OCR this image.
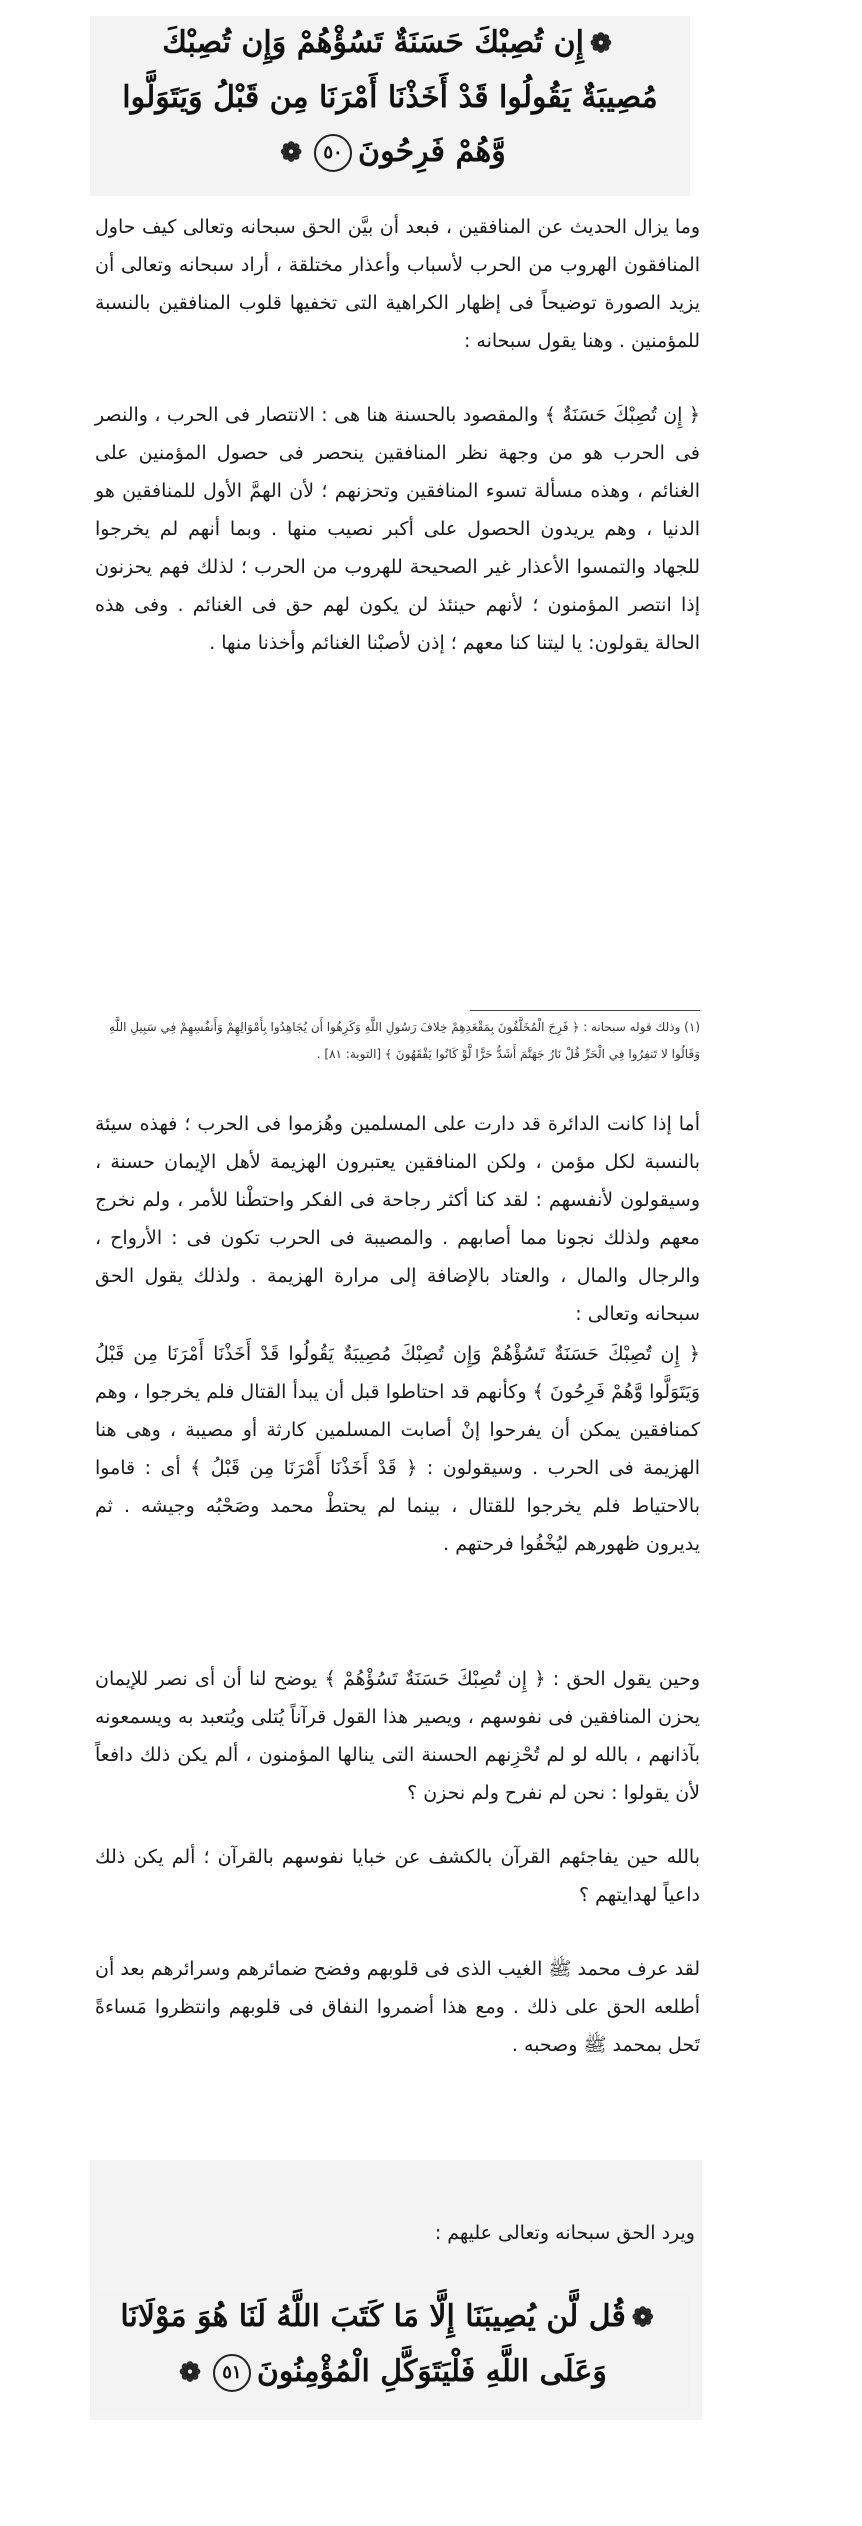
❁إِن تُصِبْكَ حَسَنَةٌ تَسُؤْهُمْ وَإِن تُصِبْكَ
مُصِيبَةٌ يَقُولُوا قَدْ أَخَذْنَا أَمْرَنَا مِن قَبْلُ وَيَتَوَلَّوا
وَّهُمْ فَرِحُونَ٥٠❁

وما يزال الحديث عن المنافقين ، فبعد أن بيَّن الحق سبحانه وتعالى كيف حاول المنافقون الهروب من الحرب لأسباب وأعذار مختلقة ، أراد سبحانه وتعالى أن يزيد الصورة توضيحاً فى إظهار الكراهية التى تخفيها قلوب المنافقين بالنسبة للمؤمنين . وهنا يقول سبحانه :

﴿ إِن تُصِبْكَ حَسَنَةٌ ﴾ والمقصود بالحسنة هنا هى : الانتصار فى الحرب ، والنصر فى الحرب هو من وجهة نظر المنافقين ينحصر فى حصول المؤمنين على الغنائم ، وهذه مسألة تسوء المنافقين وتحزنهم ؛ لأن الهمَّ الأول للمنافقين هو الدنيا ، وهم يريدون الحصول على أكبر نصيب منها . وبما أنهم لم يخرجوا للجهاد والتمسوا الأعذار غير الصحيحة للهروب من الحرب ؛ لذلك فهم يحزنون إذا انتصر المؤمنون ؛ لأنهم حينئذ لن يكون لهم حق فى الغنائم . وفى هذه الحالة يقولون: يا ليتنا كنا معهم ؛ إذن لأصبْنا الغنائم وأخذنا منها .

(١) وذلك قوله سبحانه : ﴿ فَرِحَ الْمُخَلَّفُونَ بِمَقْعَدِهِمْ خِلافَ رَسُولِ اللَّهِ وَكَرِهُوا أَن يُجَاهِدُوا بِأَمْوَالِهِمْ وَأَنفُسِهِمْ فِي سَبِيلِ اللَّهِ
وَقَالُوا لا تَنفِرُوا فِي الْحَرِّ قُلْ نَارُ جَهَنَّمَ أَشَدُّ حَرًّا لَّوْ كَانُوا يَفْقَهُونَ ﴾ [التوبة: ٨١] .

أما إذا كانت الدائرة قد دارت على المسلمين وهُزموا فى الحرب ؛ فهذه سيئة بالنسبة لكل مؤمن ، ولكن المنافقين يعتبرون الهزيمة لأهل الإيمان حسنة ، وسيقولون لأنفسهم : لقد كنا أكثر رجاحة فى الفكر واحتطْنا للأمر ، ولم نخرج معهم ولذلك نجونا مما أصابهم . والمصيبة فى الحرب تكون فى : الأرواح ، والرجال والمال ، والعتاد بالإضافة إلى مرارة الهزيمة . ولذلك يقول الحق سبحانه وتعالى :

﴿ إِن تُصِبْكَ حَسَنَةٌ تَسُؤْهُمْ وَإِن تُصِبْكَ مُصِيبَةٌ يَقُولُوا قَدْ أَخَذْنَا أَمْرَنَا مِن قَبْلُ وَيَتَوَلَّوا وَّهُمْ فَرِحُونَ ﴾ وكأنهم قد احتاطوا قبل أن يبدأ القتال فلم يخرجوا ، وهم كمنافقين يمكن أن يفرحوا إنْ أصابت المسلمين كارثة أو مصيبة ، وهى هنا الهزيمة فى الحرب . وسيقولون : ﴿ قَدْ أَخَذْنَا أَمْرَنَا مِن قَبْلُ ﴾ أى : قاموا بالاحتياط فلم يخرجوا للقتال ، بينما لم يحتطْ محمد وصَحْبُه وجيشه . ثم يديرون ظهورهم ليُخْفُوا فرحتهم .

وحين يقول الحق : ﴿ إِن تُصِبْكَ حَسَنَةٌ تَسُؤْهُمْ ﴾ يوضح لنا أن أى نصر للإيمان يحزن المنافقين فى نفوسهم ، ويصير هذا القول قرآناً يُتلى ويُتعبد به ويسمعونه بآذانهم ، بالله لو لم تُحْزِنهم الحسنة التى ينالها المؤمنون ، ألم يكن ذلك دافعاً لأن يقولوا : نحن لم نفرح ولم نحزن ؟

بالله حين يفاجئهم القرآن بالكشف عن خبايا نفوسهم بالقرآن ؛ ألم يكن ذلك داعياً لهدايتهم ؟

لقد عرف محمد ﷺ الغيب الذى فى قلوبهم وفضح ضمائرهم وسرائرهم بعد أن أطلعه الحق على ذلك . ومع هذا أضمروا النفاق فى قلوبهم وانتظروا مَساءةً تَحل بمحمد ﷺ وصحبه .

ويرد الحق سبحانه وتعالى عليهم :
❁قُل لَّن يُصِيبَنَا إِلَّا مَا كَتَبَ اللَّهُ لَنَا هُوَ مَوْلَانَا
وَعَلَى اللَّهِ فَلْيَتَوَكَّلِ الْمُؤْمِنُونَ٥١❁
